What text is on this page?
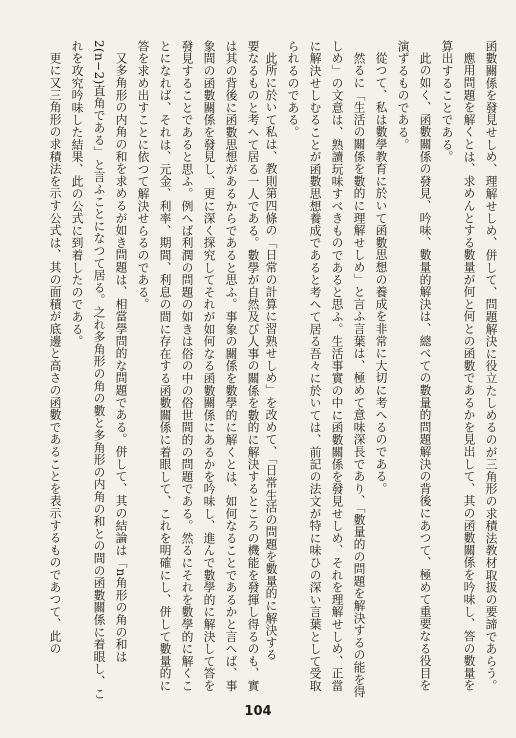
函數關係を發見せしめ、理解せしめ、併して、問題解決に役立たしめるのが三角形の求積法教材取扱の要諦であらう。

應用問題を解くとは、求めんとする數量が何と何との函數であるかを見出して、其の函數關係を吟味し、答の數量を算出することである。

此の如く、函數關係の發見、吟味、數量的解決は、總べての數量的問題解決の背後にあつて、極めて重要なる役目を演ずるものである。

從つて、私は數學教育に於いて函數思想の養成を非常に大切に考へるのである。

然るに「生活の關係を數的に理解せしめ」と言ふ言葉は、極めて意味深長であり、「數量的の問題を解決するの能を得しめ」の文意は、熟讀玩味すべきものであると思ふ。生活事實の中に函數關係を發見せしめ、それを理解せしめ、正當に解決せしむることが函數思想養成であると考へて居る吾々に於いては、前記の法文が特に味ひの深い言葉として受取られるのである。

此所に於いて私は、教則第四條の「日常の計算に習熟せしめ」を改めて、「日常生活の問題を數量的に解決する

要なるものと考へて居る一人である。數學が自然及び人事の關係を數的に解決するところの機能を發揮し得るのも、實は其の背後に函數思想があるからであると思ふ。事象の關係を數學的に解くとは、如何なることであるかと言へば、事象間の函數關係を發見し、更に深く探究してそれが如何なる函數關係にあるかを吟味し、進んで數學的に解決して答を發見することであると思ふ。例へば利潤の問題の如きは俗の中の俗世間的の問題である。然るにそれを數學的に解くことになれば、それは、元金、利率、期間、利息の間に存在する函數關係に着眼して、これを明確にし、併して數量的に答を求め出すことに依つて解決せらるのである。

又多角形の内角の和を求めるが如き問題は、相當學問的な問題である。併して、其の結論は「n角形の角の和は2(n−2)直角である」と言ふことになつて居る。之れ多角形の角の數と多角形の内角の和との間の函數關係に着眼し、これを攻究吟味した結果、此の公式に到着したのである。

更に又三角形の求積法を示す公式は、其の面積が底邊と高さの函數であることを表示するものであつて、此の

104
